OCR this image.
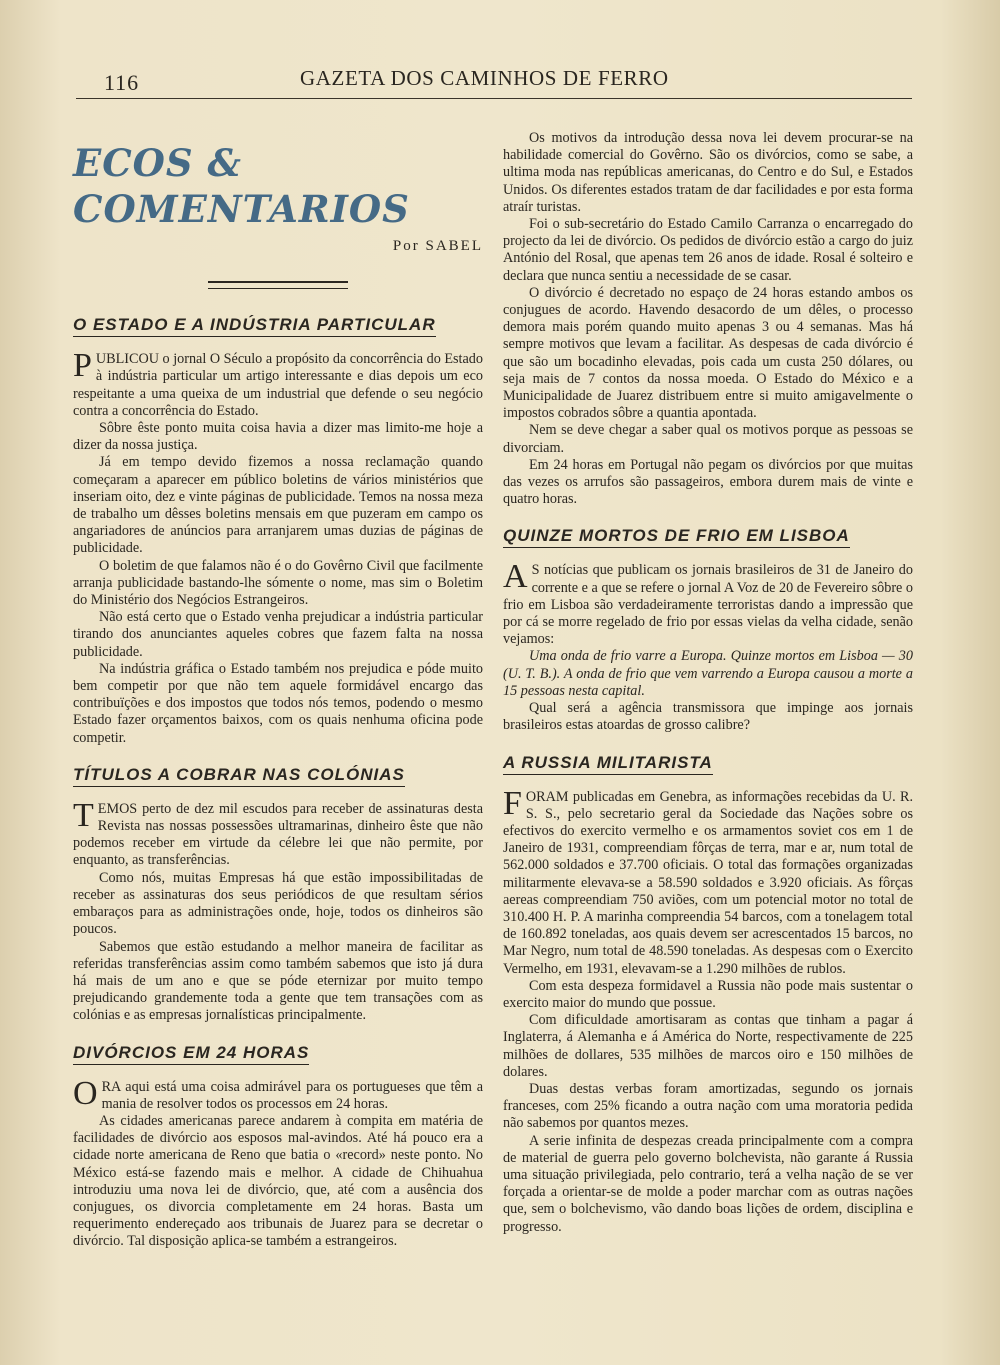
116	GAZETA DOS CAMINHOS DE FERRO
ECOS & COMENTARIOS
Por SABEL
O ESTADO E A INDÚSTRIA PARTICULAR

PUBLICOU o jornal O Século a propósito da concorrência do Estado à indústria particular um artigo interessante e dias depois um eco respeitante a uma queixa de um industrial que defende o seu negócio contra a concorrência do Estado.

Sôbre êste ponto muita coisa havia a dizer mas limito-me hoje a dizer da nossa justiça.

Já em tempo devido fizemos a nossa reclamação quando começaram a aparecer em público boletins de vários ministérios que inseriam oito, dez e vinte páginas de publicidade. Temos na nossa meza de trabalho um dêsses boletins mensais em que puzeram em campo os angariadores de anúncios para arranjarem umas duzias de páginas de publicidade.

O boletim de que falamos não é o do Govêrno Civil que facilmente arranja publicidade bastando-lhe sómente o nome, mas sim o Boletim do Ministério dos Negócios Estrangeiros.

Não está certo que o Estado venha prejudicar a indústria particular tirando dos anunciantes aqueles cobres que fazem falta na nossa publicidade.

Na indústria gráfica o Estado também nos prejudica e póde muito bem competir por que não tem aquele formidável encargo das contribuïções e dos impostos que todos nós temos, podendo o mesmo Estado fazer orçamentos baixos, com os quais nenhuma oficina pode competir.

TÍTULOS A COBRAR NAS COLÓNIAS

TEMOS perto de dez mil escudos para receber de assinaturas desta Revista nas nossas possessões ultramarinas, dinheiro êste que não podemos receber em virtude da célebre lei que não permite, por enquanto, as transferências.

Como nós, muitas Empresas há que estão impossibilitadas de receber as assinaturas dos seus periódicos de que resultam sérios embaraços para as administrações onde, hoje, todos os dinheiros são poucos.

Sabemos que estão estudando a melhor maneira de facilitar as referidas transferências assim como também sabemos que isto já dura há mais de um ano e que se póde eternizar por muito tempo prejudicando grandemente toda a gente que tem transações com as colónias e as empresas jornalísticas principalmente.

DIVÓRCIOS EM 24 HORAS

ORA aqui está uma coisa admirável para os portugueses que têm a mania de resolver todos os processos em 24 horas.

As cidades americanas parece andarem à compita em matéria de facilidades de divórcio aos esposos mal-avindos. Até há pouco era a cidade norte americana de Reno que batia o «record» neste ponto. No México está-se fazendo mais e melhor. A cidade de Chihuahua introduziu uma nova lei de divórcio, que, até com a ausência dos conjugues, os divorcia completamente em 24 horas. Basta um requerimento endereçado aos tribunais de Juarez para se decretar o divórcio. Tal disposição aplica-se também a estrangeiros.

Os motivos da introdução dessa nova lei devem procurar-se na habilidade comercial do Govêrno. São os divórcios, como se sabe, a ultima moda nas repúblicas americanas, do Centro e do Sul, e Estados Unidos. Os diferentes estados tratam de dar facilidades e por esta forma atraír turistas.

Foi o sub-secretário do Estado Camilo Carranza o encarregado do projecto da lei de divórcio. Os pedidos de divórcio estão a cargo do juiz António del Rosal, que apenas tem 26 anos de idade. Rosal é solteiro e declara que nunca sentiu a necessidade de se casar.

O divórcio é decretado no espaço de 24 horas estando ambos os conjugues de acordo. Havendo desacordo de um dêles, o processo demora mais porém quando muito apenas 3 ou 4 semanas. Mas há sempre motivos que levam a facilitar. As despesas de cada divórcio é que são um bocadinho elevadas, pois cada um custa 250 dólares, ou seja mais de 7 contos da nossa moeda. O Estado do México e a Municipalidade de Juarez distribuem entre si muito amigavelmente o impostos cobrados sôbre a quantia apontada.

Nem se deve chegar a saber qual os motivos porque as pessoas se divorciam.

Em 24 horas em Portugal não pegam os divórcios por que muitas das vezes os arrufos são passageiros, embora durem mais de vinte e quatro horas.

QUINZE MORTOS DE FRIO EM LISBOA

A S notícias que publicam os jornais brasileiros de 31 de Janeiro do corrente e a que se refere o jornal A Voz de 20 de Fevereiro sôbre o frio em Lisboa são verdadeiramente terroristas dando a impressão que por cá se morre regelado de frio por essas vielas da velha cidade, senão vejamos:

Uma onda de frio varre a Europa. Quinze mortos em Lisboa — 30 (U. T. B.). A onda de frio que vem varrendo a Europa causou a morte a 15 pessoas nesta capital.

Qual será a agência transmissora que impinge aos jornais brasileiros estas atoardas de grosso calibre?

A RUSSIA MILITARISTA

FORAM publicadas em Genebra, as informações recebidas da U. R. S. S., pelo secretario geral da Sociedade das Nações sobre os efectivos do exercito vermelho e os armamentos soviet cos em 1 de Janeiro de 1931, compreendiam fôrças de terra, mar e ar, num total de 562.000 soldados e 37.700 oficiais. O total das formações organizadas militarmente elevava-se a 58.590 soldados e 3.920 oficiais. As fôrças aereas compreendiam 750 aviões, com um potencial motor no total de 310.400 H. P. A marinha compreendia 54 barcos, com a tonelagem total de 160.892 toneladas, aos quais devem ser acrescentados 15 barcos, no Mar Negro, num total de 48.590 toneladas. As despesas com o Exercito Vermelho, em 1931, elevavam-se a 1.290 milhões de rublos.

Com esta despeza formidavel a Russia não pode mais sustentar o exercito maior do mundo que possue.

Com dificuldade amortisaram as contas que tinham a pagar á Inglaterra, á Alemanha e á América do Norte, respectivamente de 225 milhões de dollares, 535 milhões de marcos oiro e 150 milhões de dolares.

Duas destas verbas foram amortizadas, segundo os jornais franceses, com 25% ficando a outra nação com uma moratoria pedida não sabemos por quantos mezes.

A serie infinita de despezas creada principalmente com a compra de material de guerra pelo governo bolchevista, não garante á Russia uma situação privilegiada, pelo contrario, terá a velha nação de se ver forçada a orientar-se de molde a poder marchar com as outras nações que, sem o bolchevismo, vão dando boas lições de ordem, disciplina e progresso.
